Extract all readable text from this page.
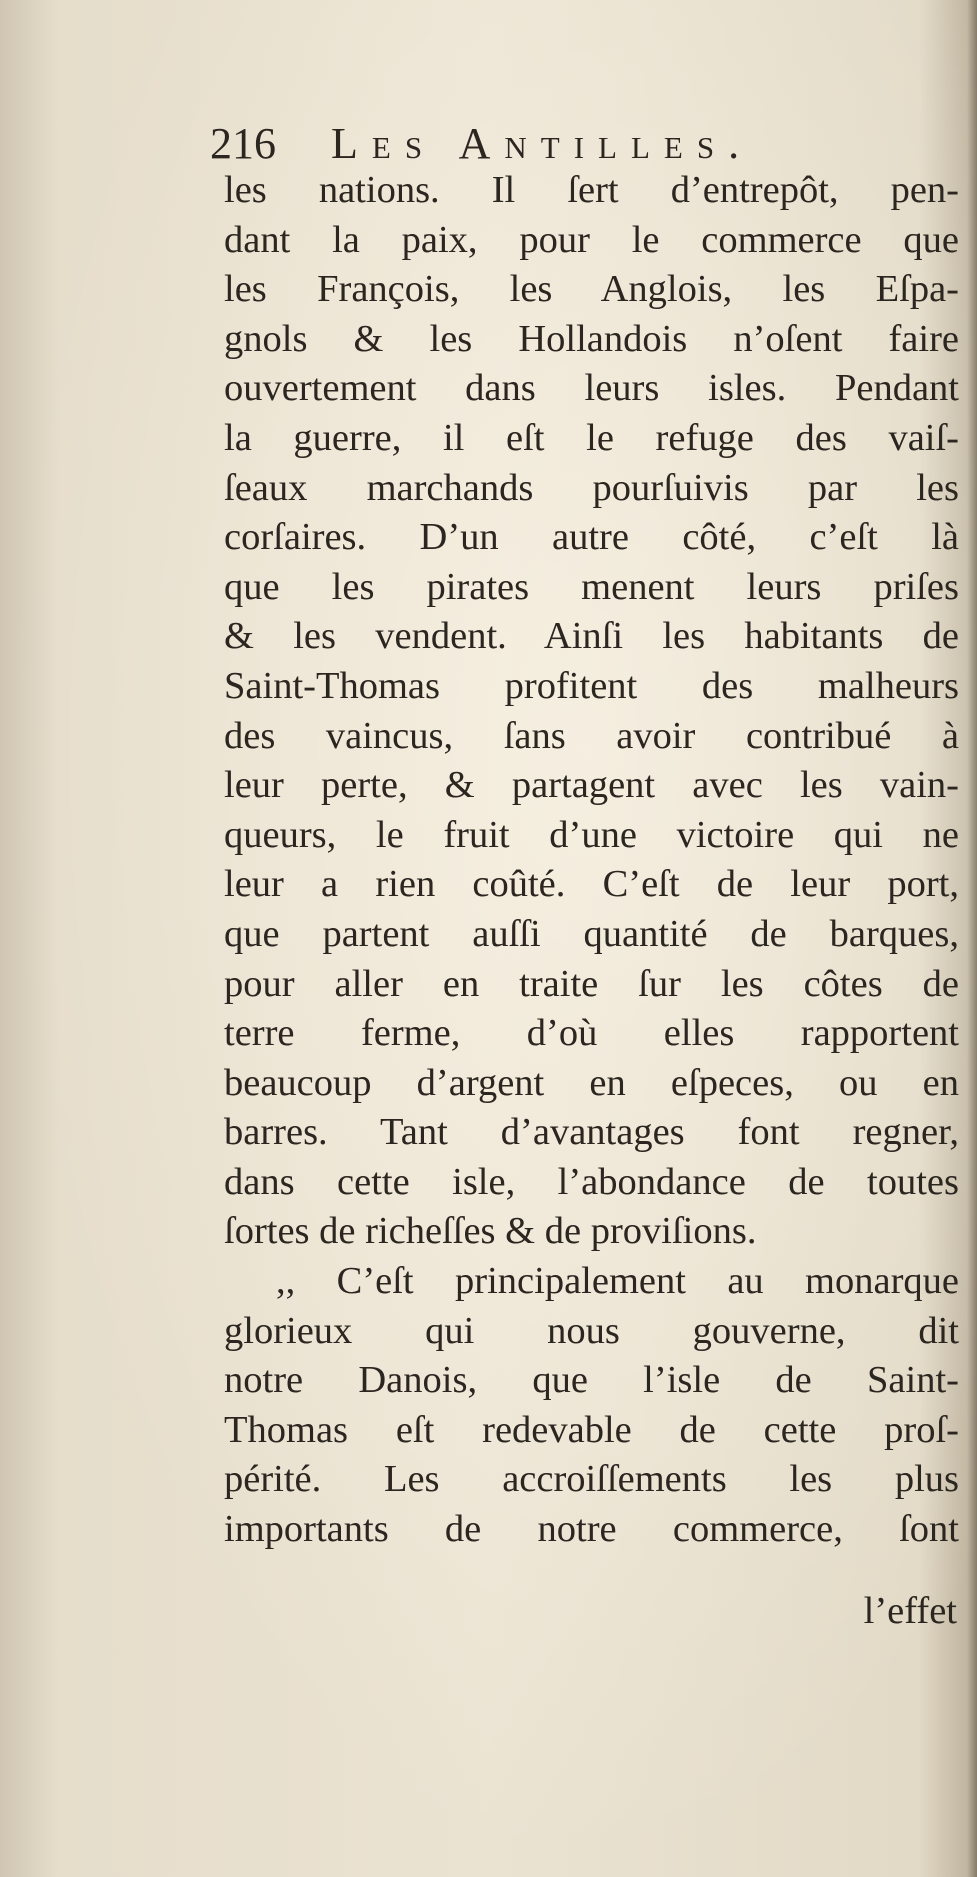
216 Les Antilles.
les nations. Il ſert d’entrepôt, pen-
dant la paix, pour le commerce que
les François, les Anglois, les Eſpa-
gnols & les Hollandois n’oſent faire
ouvertement dans leurs isles. Pendant
la guerre, il eſt le refuge des vaiſ-
ſeaux marchands pourſuivis par les
corſaires. D’un autre côté, c’eſt là
que les pirates menent leurs priſes
& les vendent. Ainſi les habitants de
Saint-Thomas profitent des malheurs
des vaincus, ſans avoir contribué à
leur perte, & partagent avec les vain-
queurs, le fruit d’une victoire qui ne
leur a rien coûté. C’eſt de leur port,
que partent auſſi quantité de barques,
pour aller en traite ſur les côtes de
terre ferme, d’où elles rapportent
beaucoup d’argent en eſpeces, ou en
barres. Tant d’avantages font regner,
dans cette isle, l’abondance de toutes
ſortes de richeſſes & de proviſions.
,, C’eſt principalement au monarque
glorieux qui nous gouverne, dit
notre Danois, que l’isle de Saint-
Thomas eſt redevable de cette proſ-
périté. Les accroiſſements les plus
importants de notre commerce, ſont
l’effet
